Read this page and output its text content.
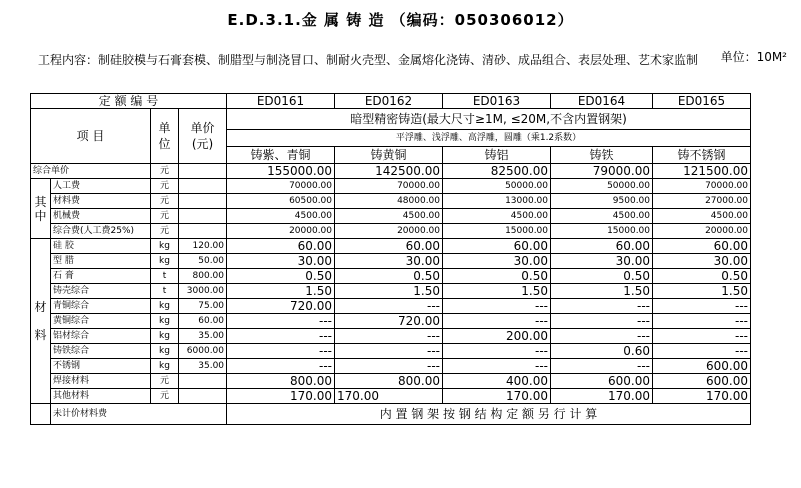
E.D.3.1.金 属 铸 造 （编码：050306012）
工程内容：制硅胶模与石膏套模、制腊型与制浇冒口、制耐火壳型、金属熔化浇铸、清砂、成品组合、表层处理、艺术家监制 单位：10M²
定 额 编 号				ED0161	ED0162	ED0163	ED0164	ED0165
项 目		单位	单价(元)	暗型精密铸造(最大尺寸≥1M, ≤20M,不含内置钢架)				
				平浮雕、浅浮雕、高浮雕，圆雕（乘1.2系数）				
				铸紫、青铜	铸黄铜	铸铝	铸铁	铸不锈钢
综合单价		元		155000.00	142500.00	82500.00	79000.00	121500.00
其
中	人工费	元		70000.00	70000.00	50000.00	50000.00	70000.00
	材料费	元		60500.00	48000.00	13000.00	9500.00	27000.00
	机械费	元		4500.00	4500.00	4500.00	4500.00	4500.00
	综合费(人工费25%)	元		20000.00	20000.00	15000.00	15000.00	20000.00
材

料	硅 胶	kg	120.00	60.00	60.00	60.00	60.00	60.00
	型 腊	kg	50.00	30.00	30.00	30.00	30.00	30.00
	石 膏	t	800.00	0.50	0.50	0.50	0.50	0.50
	铸壳综合	t	3000.00	1.50	1.50	1.50	1.50	1.50
	青铜综合	kg	75.00	720.00	---	---	---	---
	黄铜综合	kg	60.00	---	720.00	---	---	---
	铝材综合	kg	35.00	---	---	200.00	---	---
	铸铁综合	kg	6000.00	---	---	---	0.60	---
	不锈钢	kg	35.00	---	---	---	---	600.00
	焊接材料	元		800.00	800.00	400.00	600.00	600.00
	其他材料	元		170.00	170.00	170.00	170.00	170.00
	未计价材料费			内 置 钢 架 按 钢 结 构 定 额 另 行 计 算				
